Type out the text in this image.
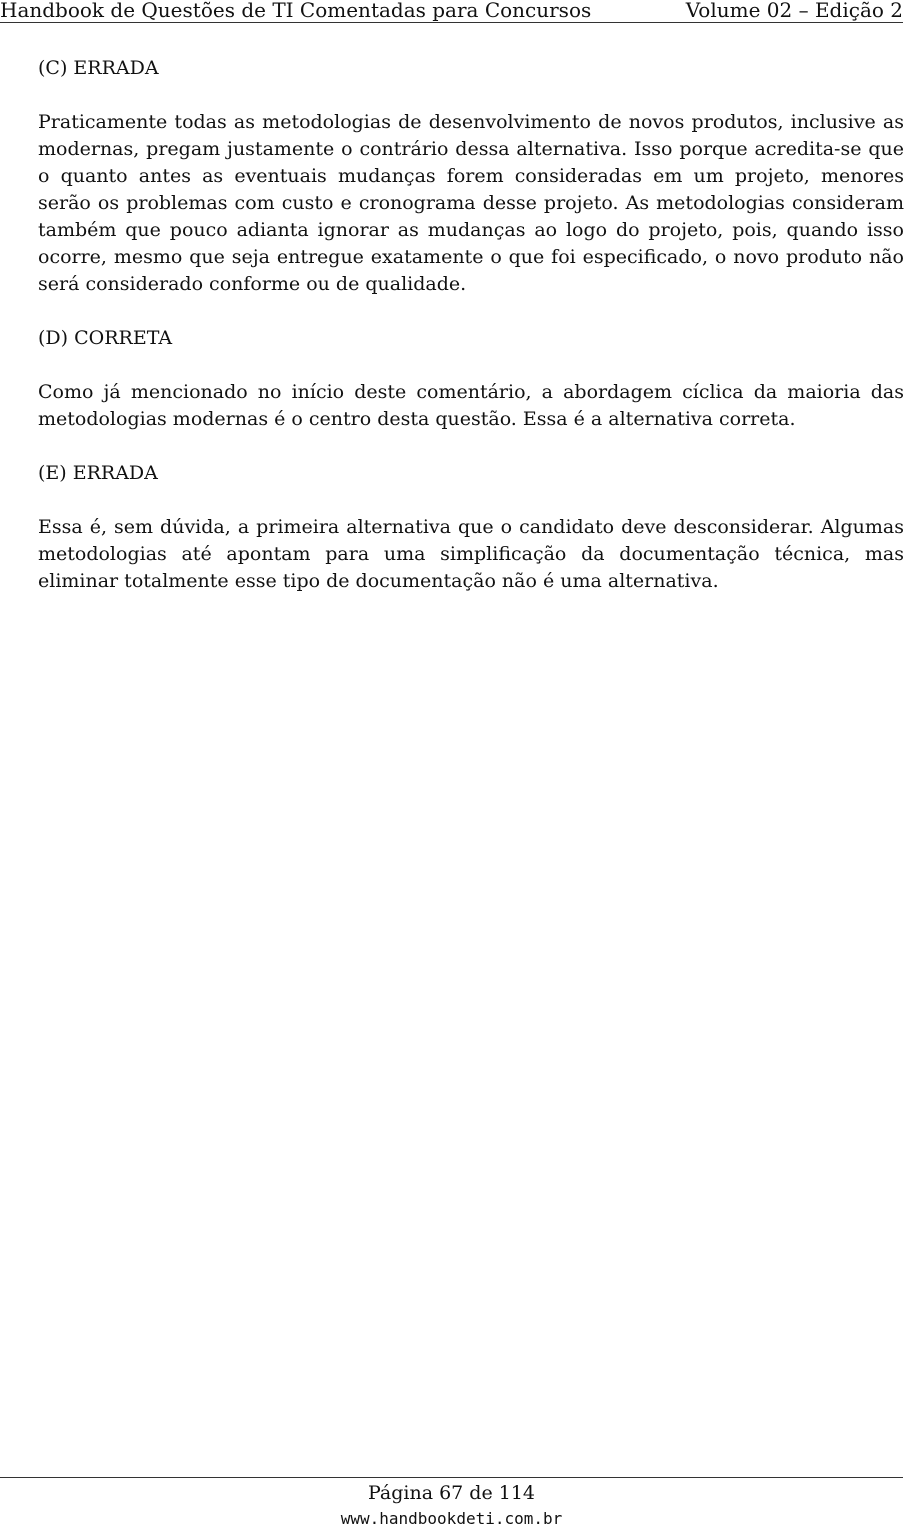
Handbook de Questões de TI Comentadas para Concursos	Volume 02 – Edição 2

(C) ERRADA

Praticamente todas as metodologias de desenvolvimento de novos produtos, inclusive as modernas, pregam justamente o contrário dessa alternativa. Isso porque acredita-se que o quanto antes as eventuais mudanças forem consideradas em um projeto, menores serão os problemas com custo e cronograma desse projeto. As metodologias consideram também que pouco adianta ignorar as mudanças ao logo do projeto, pois, quando isso ocorre, mesmo que seja entregue exatamente o que foi especificado, o novo produto não será considerado conforme ou de qualidade.

(D) CORRETA

Como já mencionado no início deste comentário, a abordagem cíclica da maioria das metodologias modernas é o centro desta questão. Essa é a alternativa correta.

(E) ERRADA

Essa é, sem dúvida, a primeira alternativa que o candidato deve desconsiderar. Algumas metodologias até apontam para uma simplificação da documentação técnica, mas eliminar totalmente esse tipo de documentação não é uma alternativa.

Página 67 de 114
www.handbookdeti.com.br
